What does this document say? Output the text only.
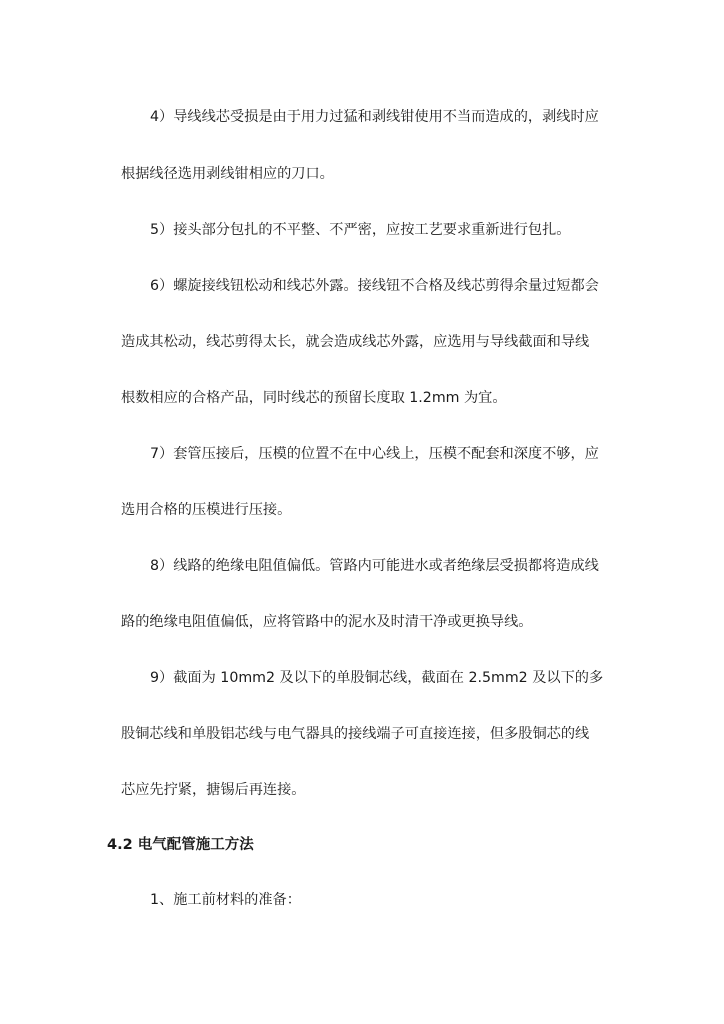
4）导线线芯受损是由于用力过猛和剥线钳使用不当而造成的，剥线时应
根据线径选用剥线钳相应的刀口。
5）接头部分包扎的不平整、不严密，应按工艺要求重新进行包扎。
6）螺旋接线钮松动和线芯外露。接线钮不合格及线芯剪得余量过短都会
造成其松动，线芯剪得太长，就会造成线芯外露，应选用与导线截面和导线
根数相应的合格产品，同时线芯的预留长度取 1.2mm 为宜。
7）套管压接后，压模的位置不在中心线上，压模不配套和深度不够，应
选用合格的压模进行压接。
8）线路的绝缘电阻值偏低。管路内可能进水或者绝缘层受损都将造成线
路的绝缘电阻值偏低，应将管路中的泥水及时清干净或更换导线。
9）截面为 10mm2 及以下的单股铜芯线，截面在 2.5mm2 及以下的多
股铜芯线和单股铝芯线与电气器具的接线端子可直接连接，但多股铜芯的线
芯应先拧紧，搪锡后再连接。
4.2 电气配管施工方法
1、施工前材料的准备：
